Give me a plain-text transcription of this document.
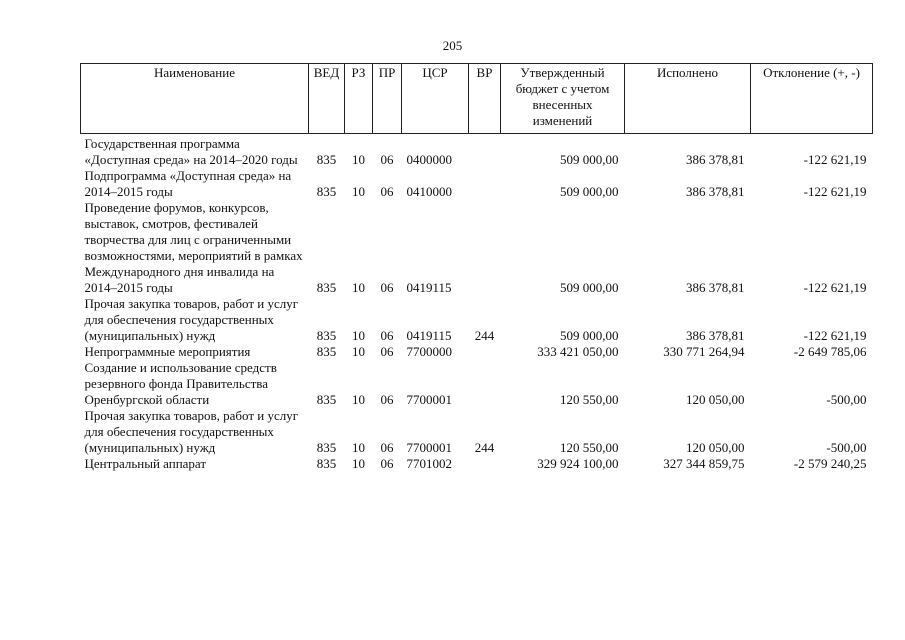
205
Наименование	ВЕД	РЗ	ПР	ЦСР	ВР	Утвержденный бюджет с учетом внесенных изменений	Исполнено	Отклонение (+, -)
Государственная программа «Доступная среда» на 2014–2020 годы	835	10	06	0400000		509 000,00	386 378,81	-122 621,19
Подпрограмма «Доступная среда» на 2014–2015 годы	835	10	06	0410000		509 000,00	386 378,81	-122 621,19
Проведение форумов, конкурсов, выставок, смотров, фестивалей творчества для лиц с ограниченными возможностями, мероприятий в рамках Международного дня инвалида на 2014–2015 годы	835	10	06	0419115		509 000,00	386 378,81	-122 621,19
Прочая закупка товаров, работ и услуг для обеспечения государственных (муниципальных) нужд	835	10	06	0419115	244	509 000,00	386 378,81	-122 621,19
Непрограммные мероприятия	835	10	06	7700000		333 421 050,00	330 771 264,94	-2 649 785,06
Создание и использование средств резервного фонда Правительства Оренбургской области	835	10	06	7700001		120 550,00	120 050,00	-500,00
Прочая закупка товаров, работ и услуг для обеспечения государственных (муниципальных) нужд	835	10	06	7700001	244	120 550,00	120 050,00	-500,00
Центральный аппарат	835	10	06	7701002		329 924 100,00	327 344 859,75	-2 579 240,25
